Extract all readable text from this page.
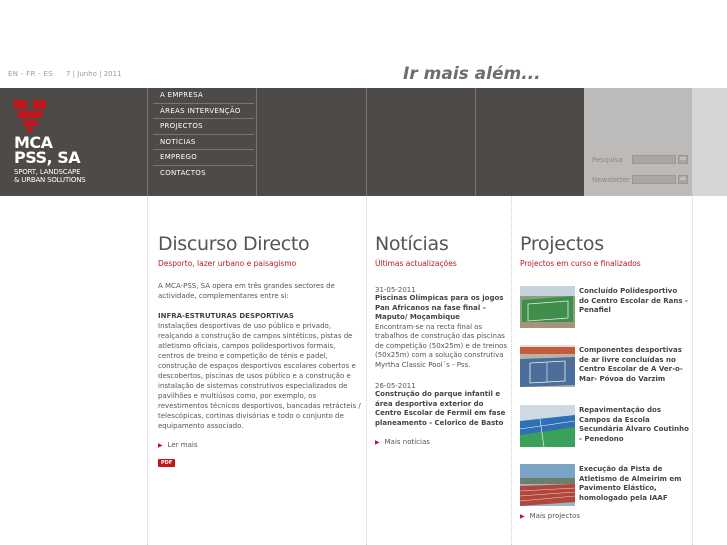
EN - FR - ES 7 | Junho | 2011	Ir mais além...
MCA
PSS, SA
SPORT, LANDSCAPE
& URBAN SOLUTIONS
A EMPRESA
ÁREAS INTERVENÇÃO
PROJECTOS
NOTÍCIAS
EMPREGO
CONTACTOS
Pesquisa	ok
Newsletter	ok
Discurso Directo
Desporto, lazer urbano e paisagismo
A MCA-PSS, SA opera em três grandes sectores de actividade, complementares entre si:
INFRA-ESTRUTURAS DESPORTIVAS
Instalações desportivas de uso público e privado, realçando a construção de campos sintéticos, pistas de atletismo oficiais, campos polidesportivos formais, centros de treino e competição de ténis e padel, construção de espaços desportivos escolares cobertos e descobertos, piscinas de usos público e a construção e instalação de sistemas construtivos especializados de pavilhões e multiúsos como, por exemplo, os revestimentos técnicos desportivos, bancadas retrácteis / telescópicas, cortinas divisórias e todo o conjunto de equipamento associado.
▶ Ler mais
PDF
Notícias
Últimas actualizações
31-05-2011
Piscinas Olímpicas para os jogos Pan Africanos na fase final – Maputo/ Moçambique
Encontram-se na recta final os trabalhos de construção das piscinas de competição (50x25m) e de treinos (50x25m) com a solução construtiva Myrtha Classic Pool´s - Pss.
26-05-2011
Construção do parque infantil e área desportiva exterior do Centro Escolar de Fermil em fase planeamento - Celorico de Basto
▶ Mais notícias
Projectos
Projectos em curso e finalizados
Concluído Polidesportivo do Centro Escolar de Rans - Penafiel
Componentes desportivas de ar livre concluídas no Centro Escolar de A Ver-o-Mar- Póvoa do Varzim
Repavimentação dos Campos da Escola Secundária Álvaro Coutinho - Penedono
Execução da Pista de Atletismo de Almeirim em Pavimento Elástico, homologado pela IAAF
▶ Mais projectos
